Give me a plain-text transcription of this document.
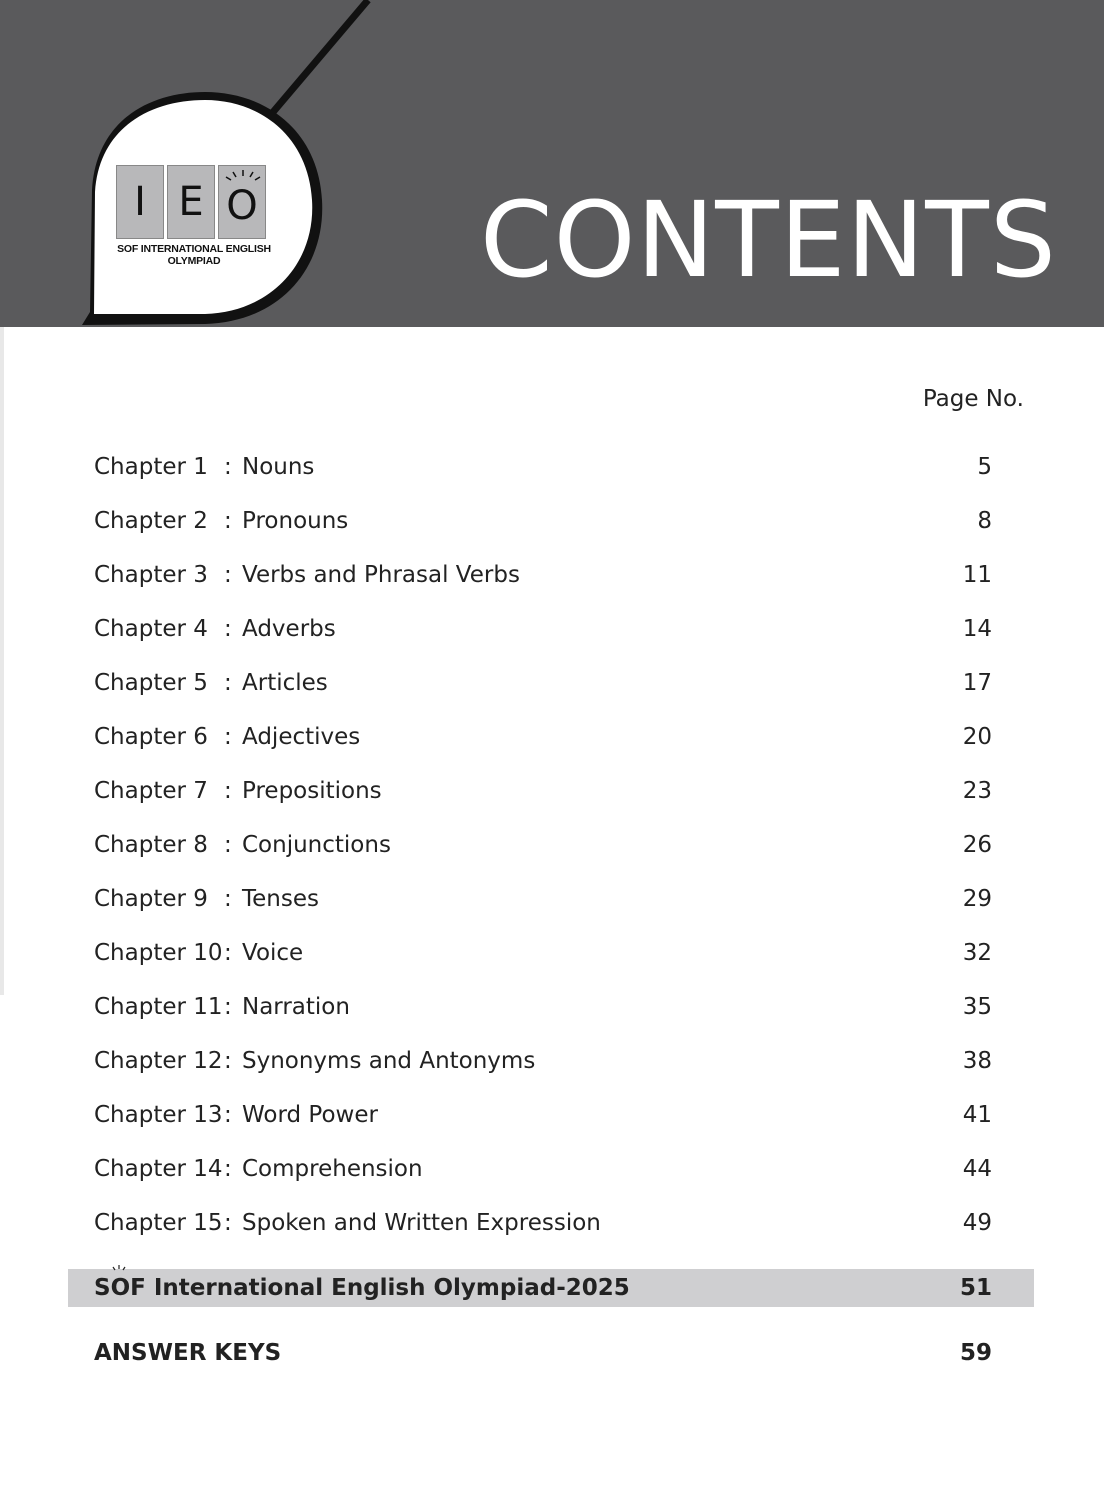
I E O
SOF INTERNATIONAL ENGLISH OLYMPIAD	CONTENTS
Page No.
Chapter 1 : Nouns	5
Chapter 2 : Pronouns	8
Chapter 3 : Verbs and Phrasal Verbs	11
Chapter 4 : Adverbs	14
Chapter 5 : Articles	17
Chapter 6 : Adjectives	20
Chapter 7 : Prepositions	23
Chapter 8 : Conjunctions	26
Chapter 9 : Tenses	29
Chapter 10 : Voice	32
Chapter 11 : Narration	35
Chapter 12 : Synonyms and Antonyms	38
Chapter 13 : Word Power	41
Chapter 14 : Comprehension	44
Chapter 15 : Spoken and Written Expression	49
SO
F International English Olympiad-2025	51
ANSWER KEYS	59
